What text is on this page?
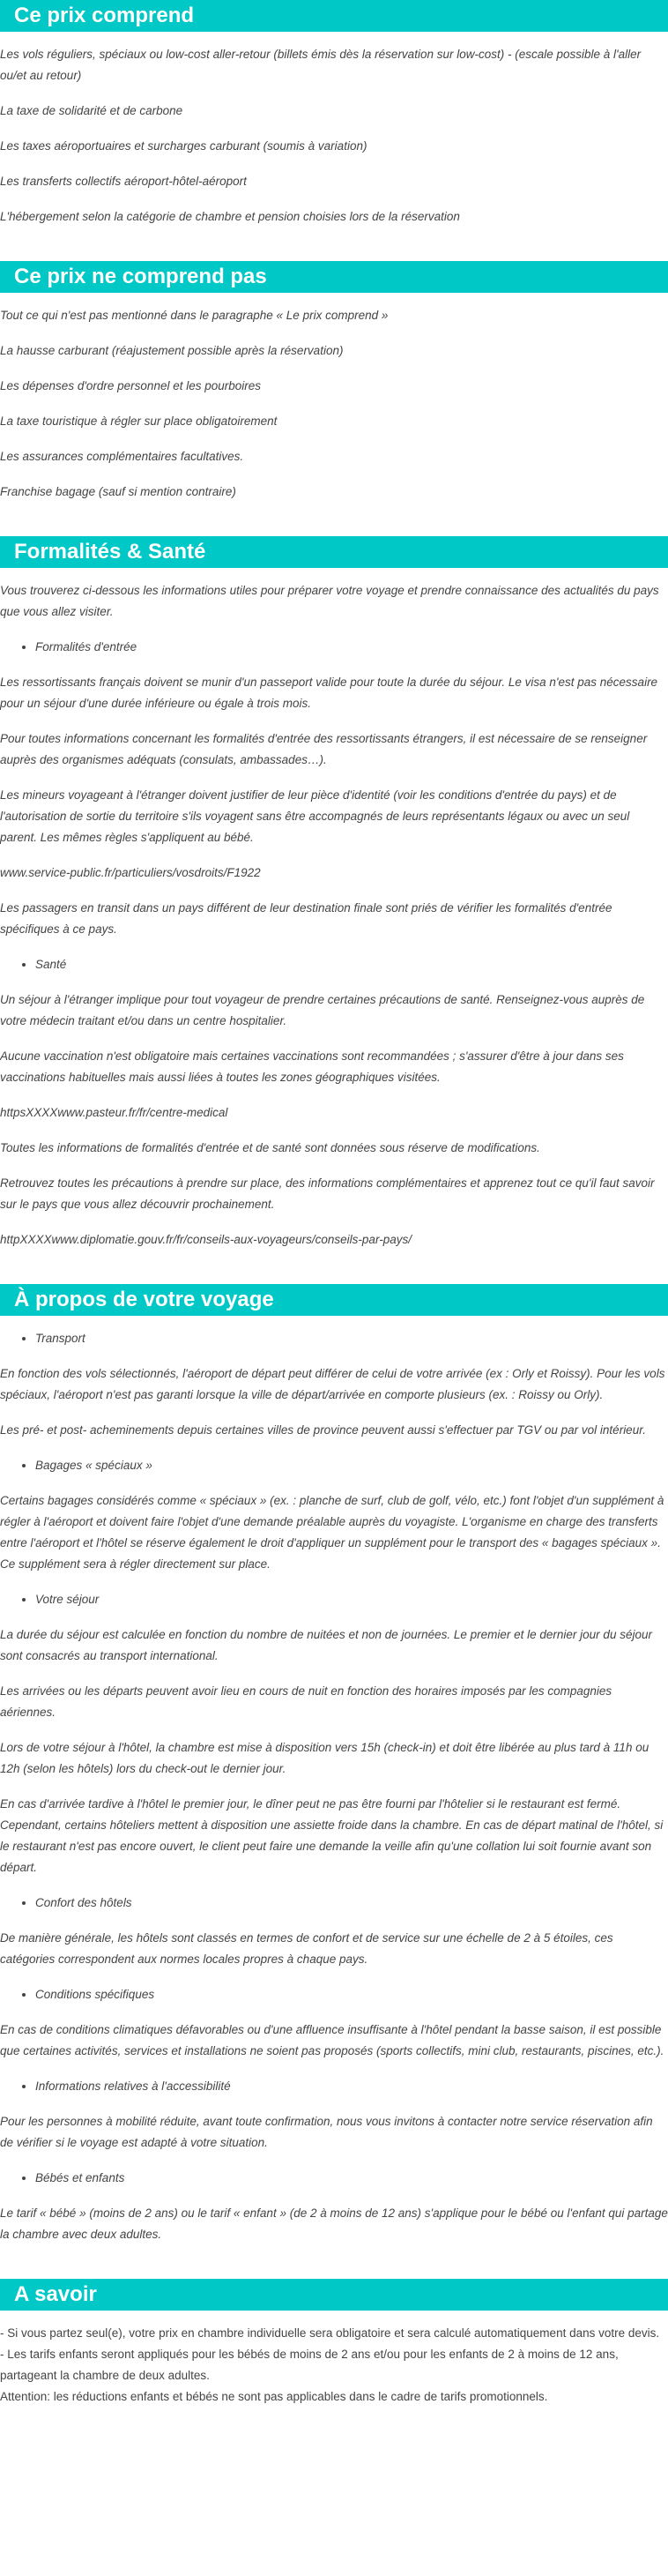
Ce prix comprend

Les vols réguliers, spéciaux ou low-cost aller-retour (billets émis dès la réservation sur low-cost) - (escale possible à l'aller ou/et au retour)

La taxe de solidarité et de carbone

Les taxes aéroportuaires et surcharges carburant (soumis à variation)

Les transferts collectifs aéroport-hôtel-aéroport

L'hébergement selon la catégorie de chambre et pension choisies lors de la réservation

Ce prix ne comprend pas

Tout ce qui n'est pas mentionné dans le paragraphe « Le prix comprend »

La hausse carburant (réajustement possible après la réservation)

Les dépenses d'ordre personnel et les pourboires

La taxe touristique à régler sur place obligatoirement

Les assurances complémentaires facultatives.

Franchise bagage (sauf si mention contraire)

Formalités & Santé

Vous trouverez ci-dessous les informations utiles pour préparer votre voyage et prendre connaissance des actualités du pays que vous allez visiter.

• Formalités d'entrée

Les ressortissants français doivent se munir d'un passeport valide pour toute la durée du séjour. Le visa n'est pas nécessaire pour un séjour d'une durée inférieure ou égale à trois mois.

Pour toutes informations concernant les formalités d'entrée des ressortissants étrangers, il est nécessaire de se renseigner auprès des organismes adéquats (consulats, ambassades…).

Les mineurs voyageant à l'étranger doivent justifier de leur pièce d'identité (voir les conditions d'entrée du pays) et de l'autorisation de sortie du territoire s'ils voyagent sans être accompagnés de leurs représentants légaux ou avec un seul parent. Les mêmes règles s'appliquent au bébé.

www.service-public.fr/particuliers/vosdroits/F1922

Les passagers en transit dans un pays différent de leur destination finale sont priés de vérifier les formalités d'entrée spécifiques à ce pays.

• Santé

Un séjour à l'étranger implique pour tout voyageur de prendre certaines précautions de santé. Renseignez-vous auprès de votre médecin traitant et/ou dans un centre hospitalier.

Aucune vaccination n'est obligatoire mais certaines vaccinations sont recommandées ; s'assurer d'être à jour dans ses vaccinations habituelles mais aussi liées à toutes les zones géographiques visitées.

httpsXXXXwww.pasteur.fr/fr/centre-medical

Toutes les informations de formalités d'entrée et de santé sont données sous réserve de modifications.

Retrouvez toutes les précautions à prendre sur place, des informations complémentaires et apprenez tout ce qu'il faut savoir sur le pays que vous allez découvrir prochainement.

httpXXXXwww.diplomatie.gouv.fr/fr/conseils-aux-voyageurs/conseils-par-pays/

À propos de votre voyage
• Transport

En fonction des vols sélectionnés, l'aéroport de départ peut différer de celui de votre arrivée (ex : Orly et Roissy). Pour les vols spéciaux, l'aéroport n'est pas garanti lorsque la ville de départ/arrivée en comporte plusieurs (ex. : Roissy ou Orly).

Les pré- et post- acheminements depuis certaines villes de province peuvent aussi s'effectuer par TGV ou par vol intérieur.

• Bagages « spéciaux »

Certains bagages considérés comme « spéciaux » (ex. : planche de surf, club de golf, vélo, etc.) font l'objet d'un supplément à régler à l'aéroport et doivent faire l'objet d'une demande préalable auprès du voyagiste. L'organisme en charge des transferts entre l'aéroport et l'hôtel se réserve également le droit d'appliquer un supplément pour le transport des « bagages spéciaux ». Ce supplément sera à régler directement sur place.

• Votre séjour

La durée du séjour est calculée en fonction du nombre de nuitées et non de journées. Le premier et le dernier jour du séjour sont consacrés au transport international.

Les arrivées ou les départs peuvent avoir lieu en cours de nuit en fonction des horaires imposés par les compagnies aériennes.

Lors de votre séjour à l'hôtel, la chambre est mise à disposition vers 15h (check-in) et doit être libérée au plus tard à 11h ou 12h (selon les hôtels) lors du check-out le dernier jour.

En cas d'arrivée tardive à l'hôtel le premier jour, le dîner peut ne pas être fourni par l'hôtelier si le restaurant est fermé. Cependant, certains hôteliers mettent à disposition une assiette froide dans la chambre. En cas de départ matinal de l'hôtel, si le restaurant n'est pas encore ouvert, le client peut faire une demande la veille afin qu'une collation lui soit fournie avant son départ.

• Confort des hôtels

De manière générale, les hôtels sont classés en termes de confort et de service sur une échelle de 2 à 5 étoiles, ces catégories correspondent aux normes locales propres à chaque pays.

• Conditions spécifiques

En cas de conditions climatiques défavorables ou d'une affluence insuffisante à l'hôtel pendant la basse saison, il est possible que certaines activités, services et installations ne soient pas proposés (sports collectifs, mini club, restaurants, piscines, etc.).

• Informations relatives à l'accessibilité

Pour les personnes à mobilité réduite, avant toute confirmation, nous vous invitons à contacter notre service réservation afin de vérifier si le voyage est adapté à votre situation.

• Bébés et enfants

Le tarif « bébé » (moins de 2 ans) ou le tarif « enfant » (de 2 à moins de 12 ans) s'applique pour le bébé ou l'enfant qui partage la chambre avec deux adultes.

A savoir

- Si vous partez seul(e), votre prix en chambre individuelle sera obligatoire et sera calculé automatiquement dans votre devis.

- Les tarifs enfants seront appliqués pour les bébés de moins de 2 ans et/ou pour les enfants de 2 à moins de 12 ans, partageant la chambre de deux adultes.

Attention: les réductions enfants et bébés ne sont pas applicables dans le cadre de tarifs promotionnels.
